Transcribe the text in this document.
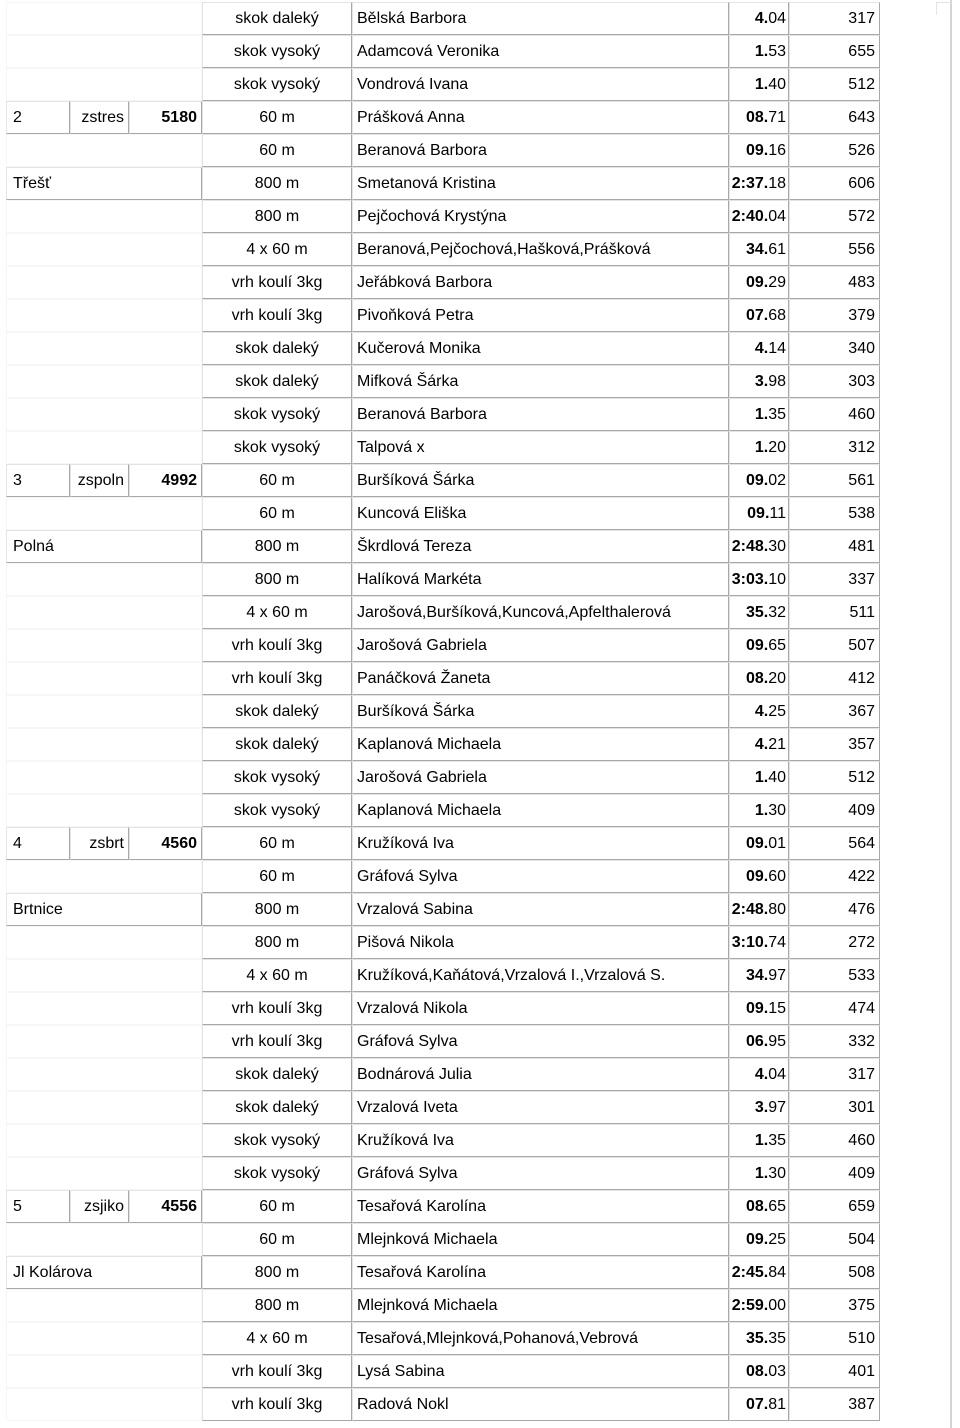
			skok daleký	Bělská Barbora	4.04	317
			skok vysoký	Adamcová Veronika	1.53	655
			skok vysoký	Vondrová Ivana	1.40	512
2	zstres	5180	60 m	Prášková Anna	08.71	643
			60 m	Beranová Barbora	09.16	526
Třešť			800 m	Smetanová Kristina	2:37.18	606
			800 m	Pejčochová Krystýna	2:40.04	572
			4 x 60 m	Beranová,Pejčochová,Hašková,Prášková	34.61	556
			vrh koulí 3kg	Jeřábková Barbora	09.29	483
			vrh koulí 3kg	Pivoňková Petra	07.68	379
			skok daleký	Kučerová Monika	4.14	340
			skok daleký	Mifková Šárka	3.98	303
			skok vysoký	Beranová Barbora	1.35	460
			skok vysoký	Talpová x	1.20	312
3	zspoln	4992	60 m	Buršíková Šárka	09.02	561
			60 m	Kuncová Eliška	09.11	538
Polná			800 m	Škrdlová Tereza	2:48.30	481
			800 m	Halíková Markéta	3:03.10	337
			4 x 60 m	Jarošová,Buršíková,Kuncová,Apfelthalerová	35.32	511
			vrh koulí 3kg	Jarošová Gabriela	09.65	507
			vrh koulí 3kg	Panáčková Žaneta	08.20	412
			skok daleký	Buršíková Šárka	4.25	367
			skok daleký	Kaplanová Michaela	4.21	357
			skok vysoký	Jarošová Gabriela	1.40	512
			skok vysoký	Kaplanová Michaela	1.30	409
4	zsbrt	4560	60 m	Kružíková Iva	09.01	564
			60 m	Gráfová Sylva	09.60	422
Brtnice			800 m	Vrzalová Sabina	2:48.80	476
			800 m	Pišová Nikola	3:10.74	272
			4 x 60 m	Kružíková,Kaňátová,Vrzalová I.,Vrzalová S.	34.97	533
			vrh koulí 3kg	Vrzalová Nikola	09.15	474
			vrh koulí 3kg	Gráfová Sylva	06.95	332
			skok daleký	Bodnárová Julia	4.04	317
			skok daleký	Vrzalová Iveta	3.97	301
			skok vysoký	Kružíková Iva	1.35	460
			skok vysoký	Gráfová Sylva	1.30	409
5	zsjiko	4556	60 m	Tesařová Karolína	08.65	659
			60 m	Mlejnková Michaela	09.25	504
Jl Kolárova			800 m	Tesařová Karolína	2:45.84	508
			800 m	Mlejnková Michaela	2:59.00	375
			4 x 60 m	Tesařová,Mlejnková,Pohanová,Vebrová	35.35	510
			vrh koulí 3kg	Lysá Sabina	08.03	401
			vrh koulí 3kg	Radová Nokl	07.81	387
